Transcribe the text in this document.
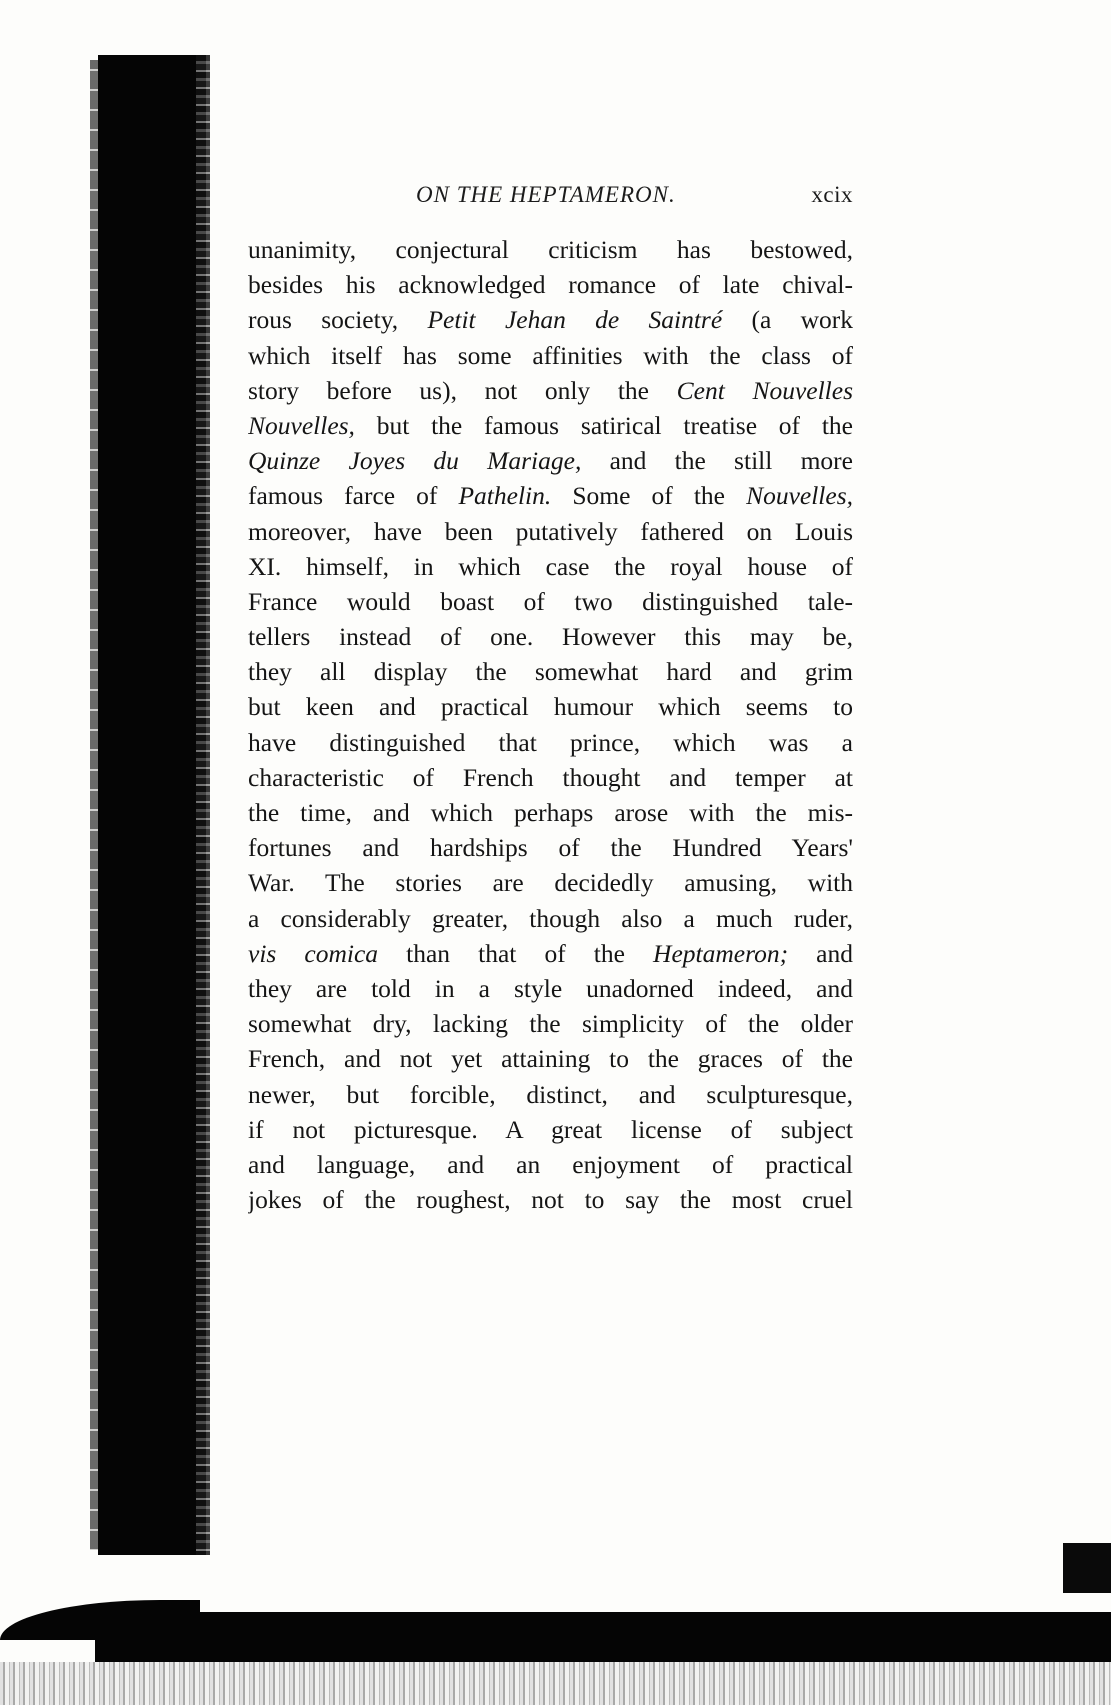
ON THE HEPTAMERON.	xcix
unanimity, conjectural criticism has bestowed,
besides his acknowledged romance of late chival-
rous society, Petit Jehan de Saintré (a work
which itself has some affinities with the class of
story before us), not only the Cent Nouvelles
Nouvelles, but the famous satirical treatise of the
Quinze Joyes du Mariage, and the still more
famous farce of Pathelin. Some of the Nouvelles,
moreover, have been putatively fathered on Louis
XI. himself, in which case the royal house of
France would boast of two distinguished tale-
tellers instead of one. However this may be,
they all display the somewhat hard and grim
but keen and practical humour which seems to
have distinguished that prince, which was a
characteristic of French thought and temper at
the time, and which perhaps arose with the mis-
fortunes and hardships of the Hundred Years'
War. The stories are decidedly amusing, with
a considerably greater, though also a much ruder,
vis comica than that of the Heptameron; and
they are told in a style unadorned indeed, and
somewhat dry, lacking the simplicity of the older
French, and not yet attaining to the graces of the
newer, but forcible, distinct, and sculpturesque,
if not picturesque. A great license of subject
and language, and an enjoyment of practical
jokes of the roughest, not to say the most cruel
